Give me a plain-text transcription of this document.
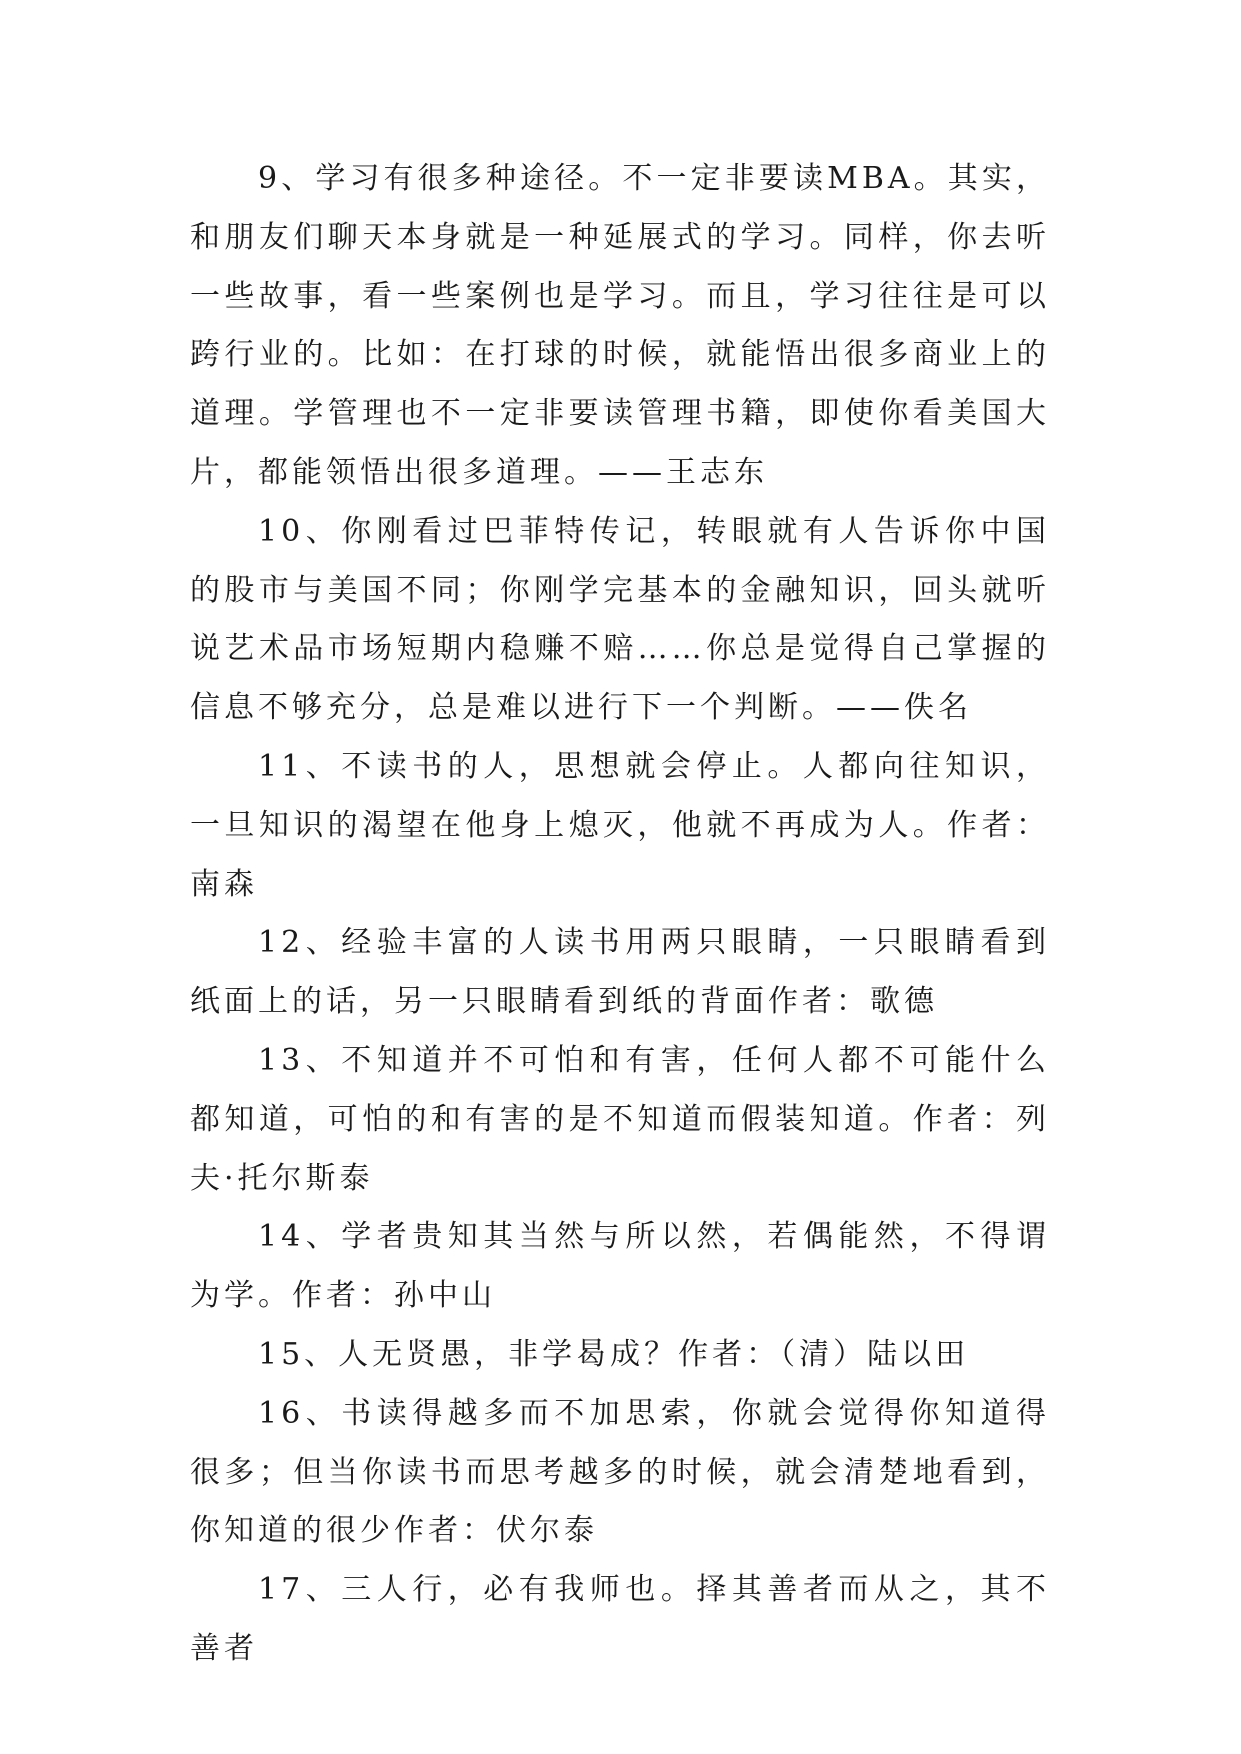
9、学习有很多种途径。不一定非要读MBA。其实，和朋友们聊天本身就是一种延展式的学习。同样，你去听一些故事，看一些案例也是学习。而且，学习往往是可以跨行业的。比如：在打球的时候，就能悟出很多商业上的道理。学管理也不一定非要读管理书籍，即使你看美国大片，都能领悟出很多道理。——王志东

10、你刚看过巴菲特传记，转眼就有人告诉你中国的股市与美国不同；你刚学完基本的金融知识，回头就听说艺术品市场短期内稳赚不赔……你总是觉得自己掌握的信息不够充分，总是难以进行下一个判断。——佚名

11、不读书的人，思想就会停止。人都向往知识，一旦知识的渴望在他身上熄灭，他就不再成为人。作者：南森

12、经验丰富的人读书用两只眼睛，一只眼睛看到纸面上的话，另一只眼睛看到纸的背面作者：歌德

13、不知道并不可怕和有害，任何人都不可能什么都知道，可怕的和有害的是不知道而假装知道。作者：列夫·托尔斯泰

14、学者贵知其当然与所以然，若偶能然，不得谓为学。作者：孙中山

15、人无贤愚，非学曷成？作者：（清）陆以田

16、书读得越多而不加思索，你就会觉得你知道得很多；但当你读书而思考越多的时候，就会清楚地看到，你知道的很少作者：伏尔泰

17、三人行，必有我师也。择其善者而从之，其不善者
